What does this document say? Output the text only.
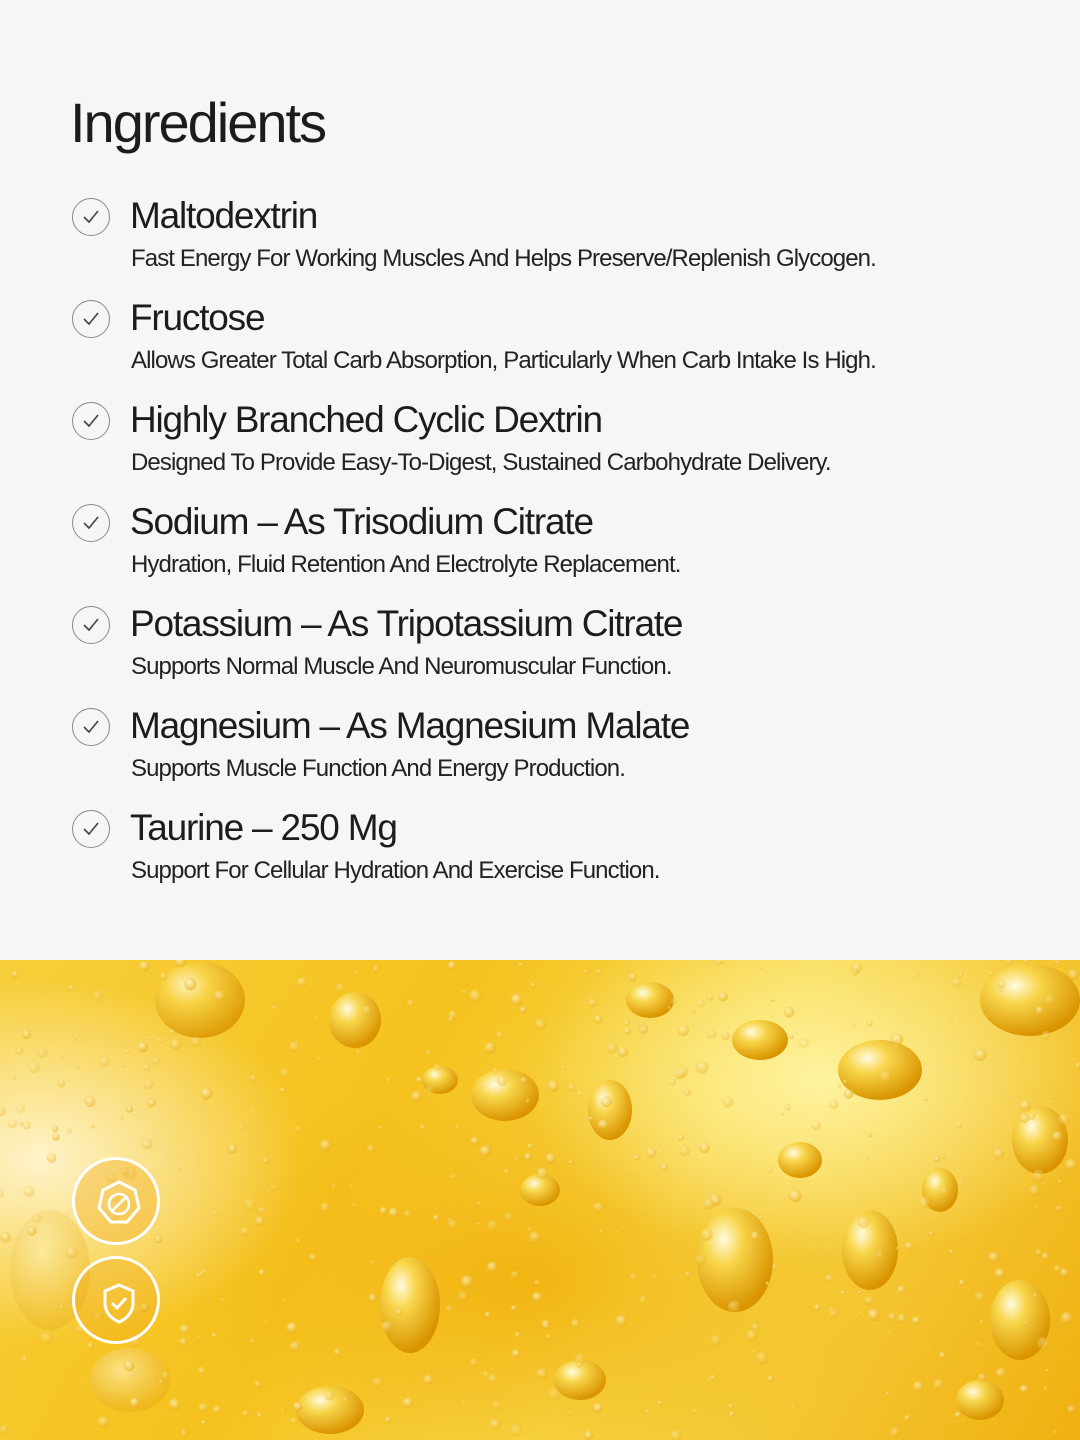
Ingredients
Maltodextrin
Fast Energy For Working Muscles And Helps Preserve/Replenish Glycogen.
Fructose
Allows Greater Total Carb Absorption, Particularly When Carb Intake Is High.
Highly Branched Cyclic Dextrin
Designed To Provide Easy-To-Digest, Sustained Carbohydrate Delivery.
Sodium – As Trisodium Citrate
Hydration, Fluid Retention And Electrolyte Replacement.
Potassium – As Tripotassium Citrate
Supports Normal Muscle And Neuromuscular Function.
Magnesium – As Magnesium Malate
Supports Muscle Function And Energy Production.
Taurine – 250 Mg
Support For Cellular Hydration And Exercise Function.
